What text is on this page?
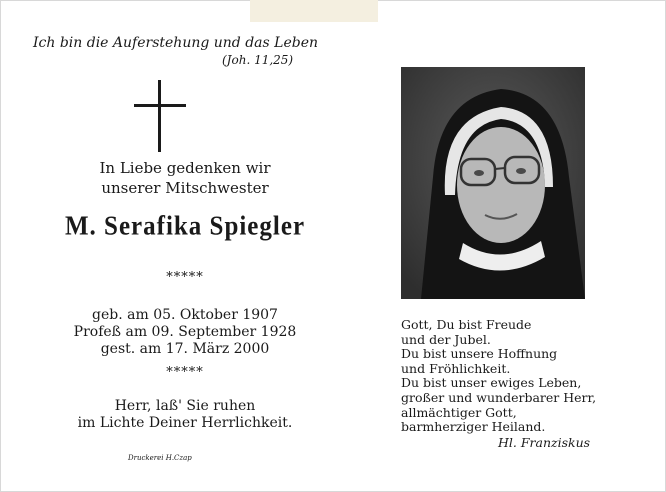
Ich bin die Auferstehung und das Leben
(Joh. 11,25)
In Liebe gedenken wir
unserer Mitschwester
M. Serafika Spiegler
*****
geb. am 05. Oktober 1907
Profeß am 09. September 1928
gest. am 17. März 2000
*****
Herr, laß' Sie ruhen
im Lichte Deiner Herrlichkeit.
Druckerei H.Czap
Gott, Du bist Freude
und der Jubel.
Du bist unsere Hoffnung
und Fröhlichkeit.
Du bist unser ewiges Leben,
großer und wunderbarer Herr,
allmächtiger Gott,
barmherziger Heiland.
Hl. Franziskus
